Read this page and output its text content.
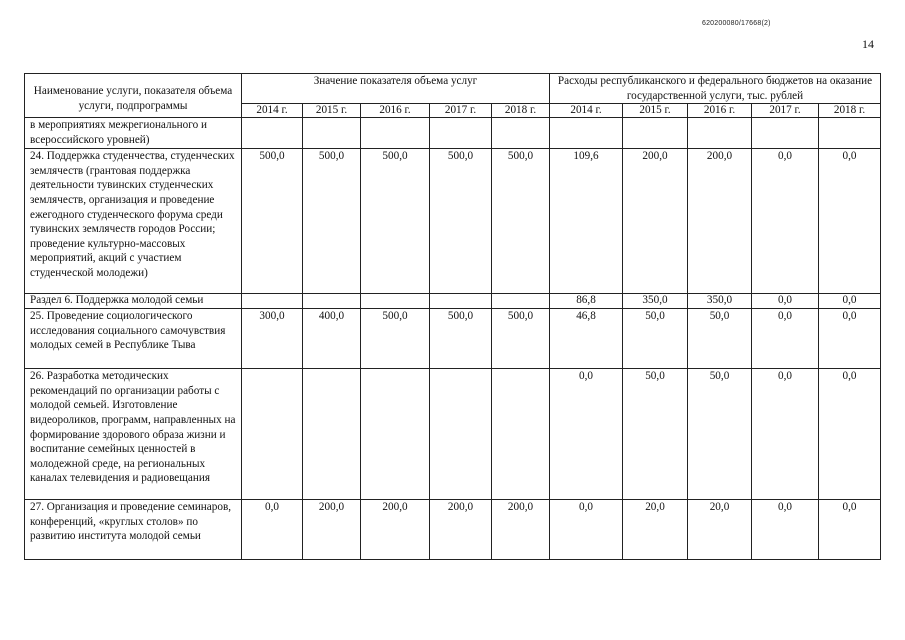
620200080/17668(2)
14
Наименование услуги, показателя объема услуги, подпрограммы	Значение показателя объема услуг					Расходы республиканского и федерального бюджетов на оказание государственной услуги, тыс. рублей				
	2014 г.	2015 г.	2016 г.	2017 г.	2018 г.	2014 г.	2015 г.	2016 г.	2017 г.	2018 г.
в мероприятиях межрегионального и всероссийского уровней)										
24. Поддержка студенчества, студенческих землячеств (грантовая поддержка деятельности тувинских студенческих землячеств, организация и проведение ежегодного студенческого форума среди тувинских землячеств городов России; проведение культурно-массовых мероприятий, акций с участием студенческой молодежи)	500,0	500,0	500,0	500,0	500,0	109,6	200,0	200,0	0,0	0,0
Раздел 6. Поддержка молодой семьи						86,8	350,0	350,0	0,0	0,0
25. Проведение социологического исследования социального самочувствия молодых семей в Республике Тыва	300,0	400,0	500,0	500,0	500,0	46,8	50,0	50,0	0,0	0,0
26. Разработка методических рекомендаций по организации работы с молодой семьей. Изготовление видеороликов, программ, направленных на формирование здорового образа жизни и воспитание семейных ценностей в молодежной среде, на региональных каналах телевидения и радиовещания						0,0	50,0	50,0	0,0	0,0
27. Организация и проведение семинаров, конференций, «круглых столов» по развитию института молодой семьи	0,0	200,0	200,0	200,0	200,0	0,0	20,0	20,0	0,0	0,0
